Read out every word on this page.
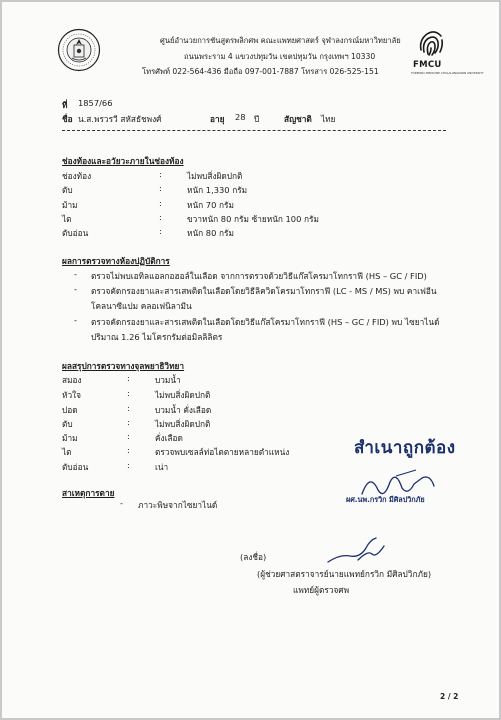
ศูนย์อำนวยการชันสูตรพลิกศพ คณะแพทยศาสตร์ จุฬาลงกรณ์มหาวิทยาลัย
ถนนพระราม 4 แขวงปทุมวัน เขตปทุมวัน กรุงเทพฯ 10330
โทรศัพท์ 022-564-436 มือถือ 097-001-7887 โทรสาร 026-525-151
FMCU
FORENSIC MEDICINE CHULALONGKORN UNIVERSITY
ที่ 1857/66
ชื่อ น.ส.พรวรวี สหัสธัชพงศ์	อายุ 28 ปี	สัญชาติ ไทย
ช่องท้องและอวัยวะภายในช่องท้อง
ช่องท้อง	:	ไม่พบสิ่งผิดปกติ
ตับ	:	หนัก 1,330 กรัม
ม้าม	:	หนัก 70 กรัม
ไต	:	ขวาหนัก 80 กรัม ซ้ายหนัก 100 กรัม
ตับอ่อน	:	หนัก 80 กรัม
ผลการตรวจทางห้องปฏิบัติการ
- ตรวจไม่พบเอทิลแอลกอฮอล์ในเลือด จากการตรวจด้วยวิธีแก๊สโครมาโทกราฟี (HS – GC / FID)
- ตรวจคัดกรองยาและสารเสพติดในเลือดโดยวิธีลิควิดโครมาโทกราฟี (LC - MS / MS) พบ คาเฟอีน
โคลนาซีแปม คลอเฟนิลามีน
- ตรวจคัดกรองยาและสารเสพติดในเลือดโดยวิธีแก๊สโครมาโทกราฟี (HS – GC / FID) พบ ไซยาไนด์
ปริมาณ 1.26 ไมโครกรัมต่อมิลลิลิตร
ผลสรุปการตรวจทางจุลพยาธิวิทยา
สมอง	:	บวมน้ำ
หัวใจ	:	ไม่พบสิ่งผิดปกติ
ปอด	:	บวมน้ำ คั่งเลือด
ตับ	:	ไม่พบสิ่งผิดปกติ
ม้าม	:	คั่งเลือด
ไต	:	ตรวจพบเซลล์ท่อไตตายหลายตำแหน่ง
ตับอ่อน	:	เน่า
สำเนาถูกต้อง
ผศ.นพ.กรวิก มีศิลปวิกภัย
สาเหตุการตาย
- ภาวะพิษจากไซยาไนด์
(ลงชื่อ)
(ผู้ช่วยศาสตราจารย์นายแพทย์กรวิก มีศิลปวิกภัย)
แพทย์ผู้ตรวจศพ
2 / 2
